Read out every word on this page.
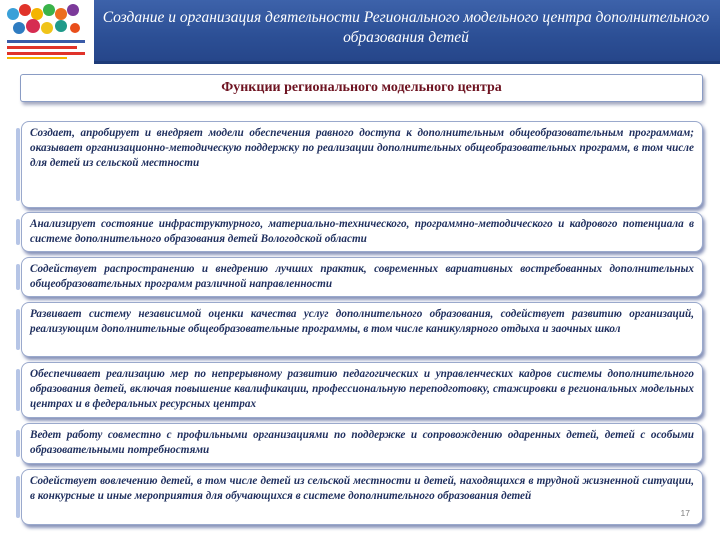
Создание и организация деятельности Регионального модельного центра дополнительного образования детей
Функции регионального модельного центра

Создает, апробирует и внедряет модели обеспечения равного доступа к дополнительным общеобразовательным программам; оказывает организационно-методическую поддержку по реализации дополнительных общеобразовательных программ, в том числе для детей из сельской местности

Анализирует состояние инфраструктурного, материально-технического, программно-методического и кадрового потенциала в системе дополнительного образования детей Вологодской области

Содействует распространению и внедрению лучших практик, современных вариативных востребованных дополнительных общеобразовательных программ различной направленности

Развивает систему независимой оценки качества услуг дополнительного образования, содействует развитию организаций, реализующим дополнительные общеобразовательные программы, в том числе каникулярного отдыха и заочных школ

Обеспечивает реализацию мер по непрерывному развитию педагогических и управленческих кадров системы дополнительного образования детей, включая повышение квалификации, профессиональную переподготовку, стажировки в региональных модельных центрах и в федеральных ресурсных центрах

Ведет работу совместно с профильными организациями по поддержке и сопровождению одаренных детей, детей с особыми образовательными потребностями

Содействует вовлечению детей, в том числе детей из сельской местности и детей, находящихся в трудной жизненной ситуации, в конкурсные и иные мероприятия для обучающихся в системе дополнительного образования детей

17
